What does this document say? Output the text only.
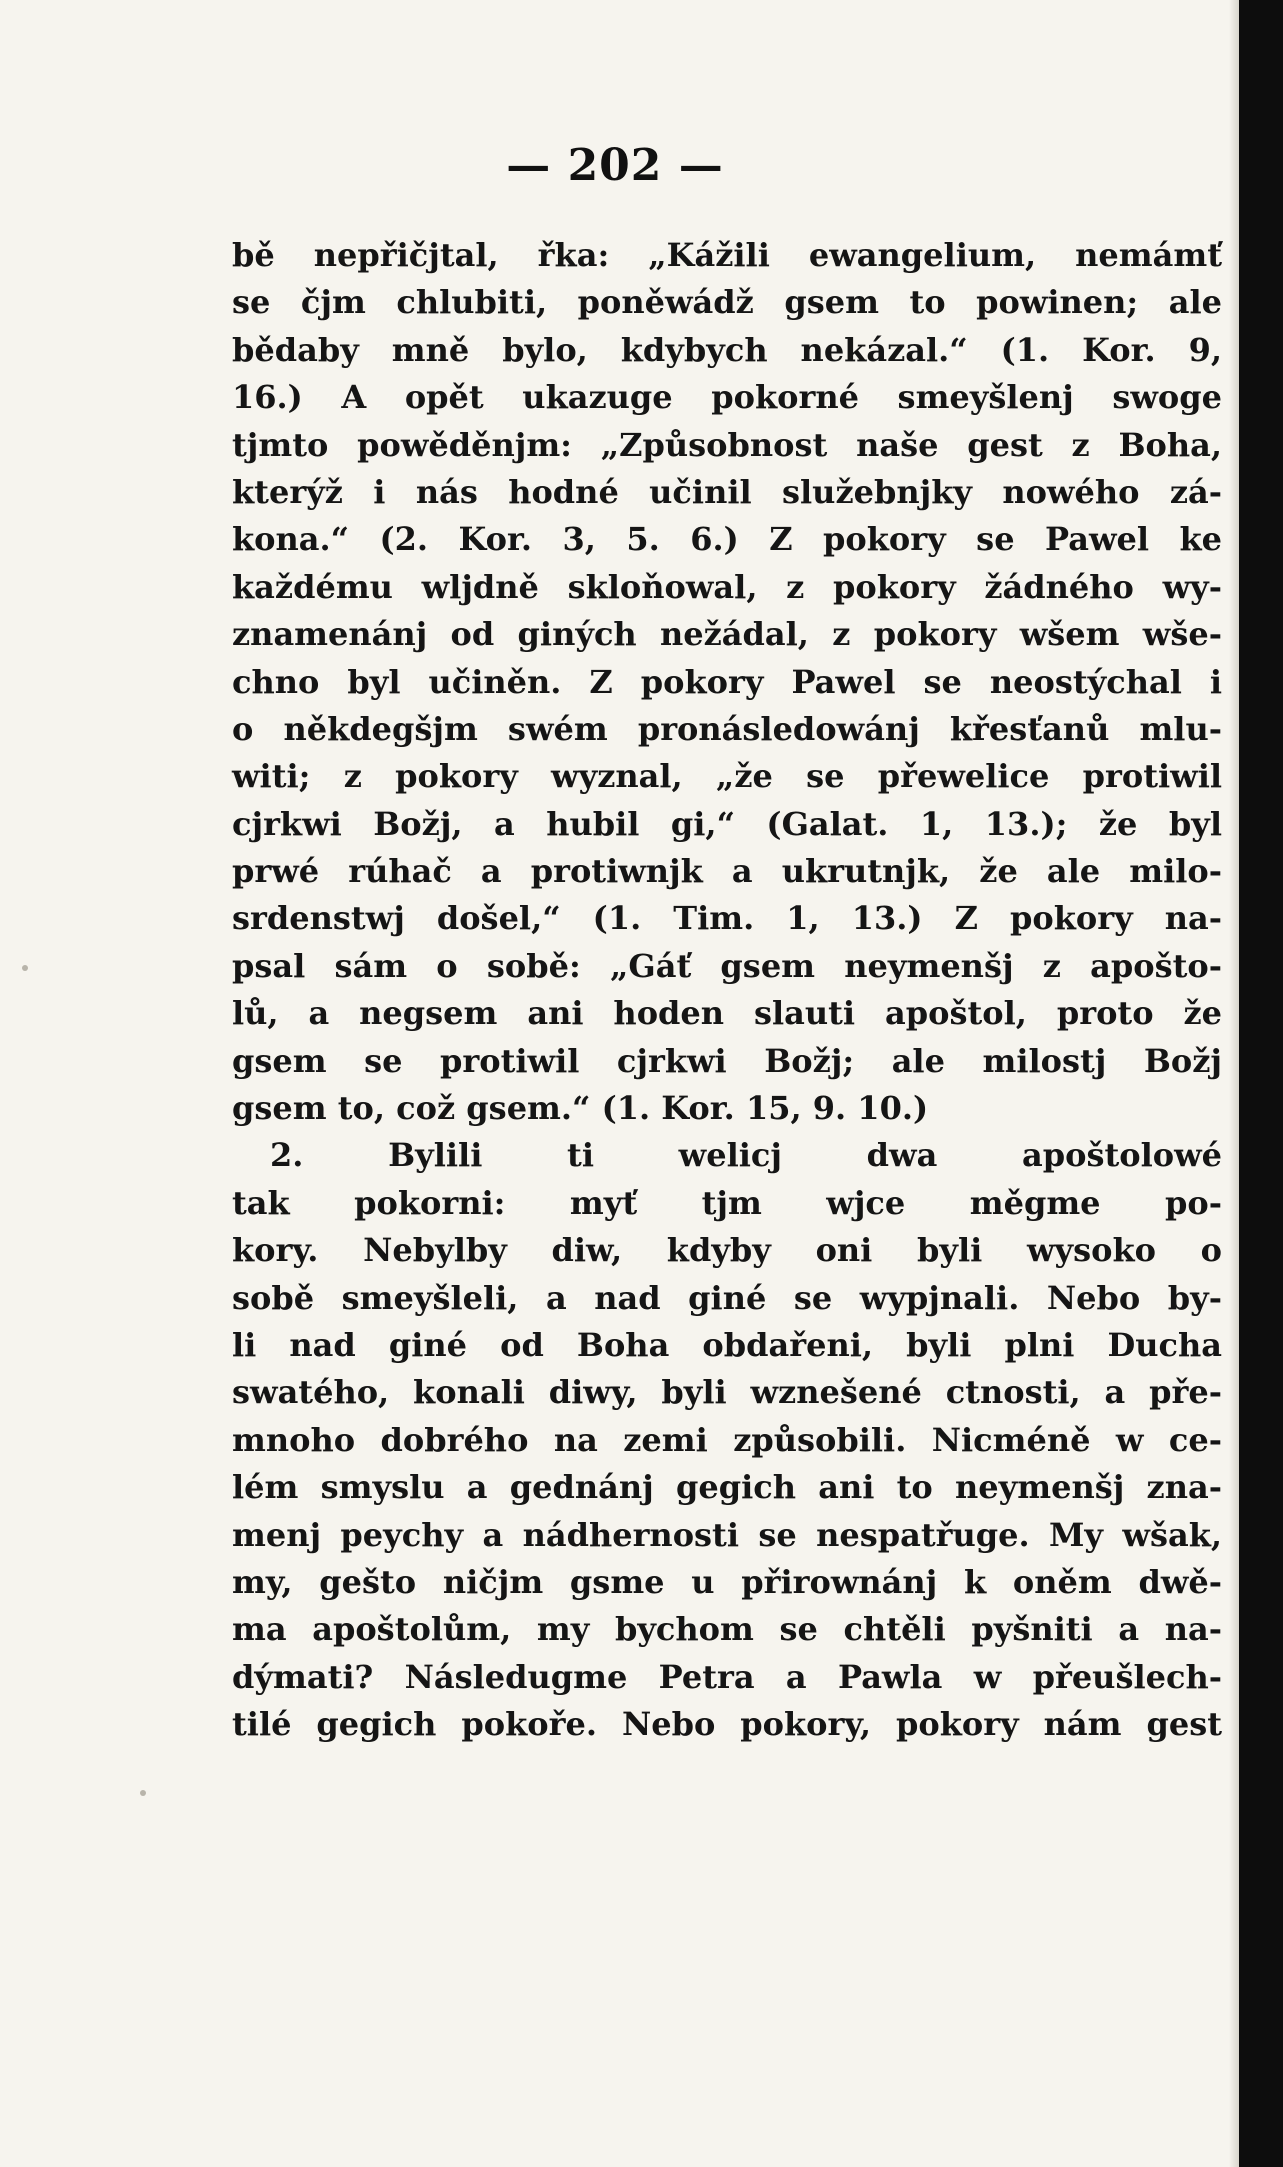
— 202 —
bě nepřičjtal, řka: „Kážili ewangelium, nemámť
se čjm chlubiti, poněwádž gsem to powinen; ale
bědaby mně bylo, kdybych nekázal.“ (1. Kor. 9,
16.) A opět ukazuge pokorné smeyšlenj swoge
tjmto powěděnjm: „Způsobnost naše gest z Boha,
kterýž i nás hodné učinil služebnjky nowého zá-
kona.“ (2. Kor. 3, 5. 6.) Z pokory se Pawel ke
každému wljdně skloňowal, z pokory žádného wy-
znamenánj od giných nežádal, z pokory wšem wše-
chno byl učiněn. Z pokory Pawel se neostýchal i
o někdegšjm swém pronásledowánj křesťanů mlu-
witi; z pokory wyznal, „že se přewelice protiwil
cjrkwi Božj, a hubil gi,“ (Galat. 1, 13.); že byl
prwé rúhač a protiwnjk a ukrutnjk, že ale milo-
srdenstwj došel,“ (1. Tim. 1, 13.) Z pokory na-
psal sám o sobě: „Gáť gsem neymenšj z apošto-
lů, a negsem ani hoden slauti apoštol, proto že
gsem se protiwil cjrkwi Božj; ale milostj Božj
gsem to, což gsem.“ (1. Kor. 15, 9. 10.)
2. Bylili ti welicj dwa apoštolowé
tak pokorni: myť tjm wjce měgme po-
kory. Nebylby diw, kdyby oni byli wysoko o
sobě smeyšleli, a nad giné se wypjnali. Nebo by-
li nad giné od Boha obdařeni, byli plni Ducha
swatého, konali diwy, byli wznešené ctnosti, a pře-
mnoho dobrého na zemi způsobili. Nicméně w ce-
lém smyslu a gednánj gegich ani to neymenšj zna-
menj peychy a nádhernosti se nespatřuge. My wšak,
my, gešto ničjm gsme u přirownánj k oněm dwě-
ma apoštolům, my bychom se chtěli pyšniti a na-
dýmati? Následugme Petra a Pawla w přeušlech-
tilé gegich pokoře. Nebo pokory, pokory nám gest
